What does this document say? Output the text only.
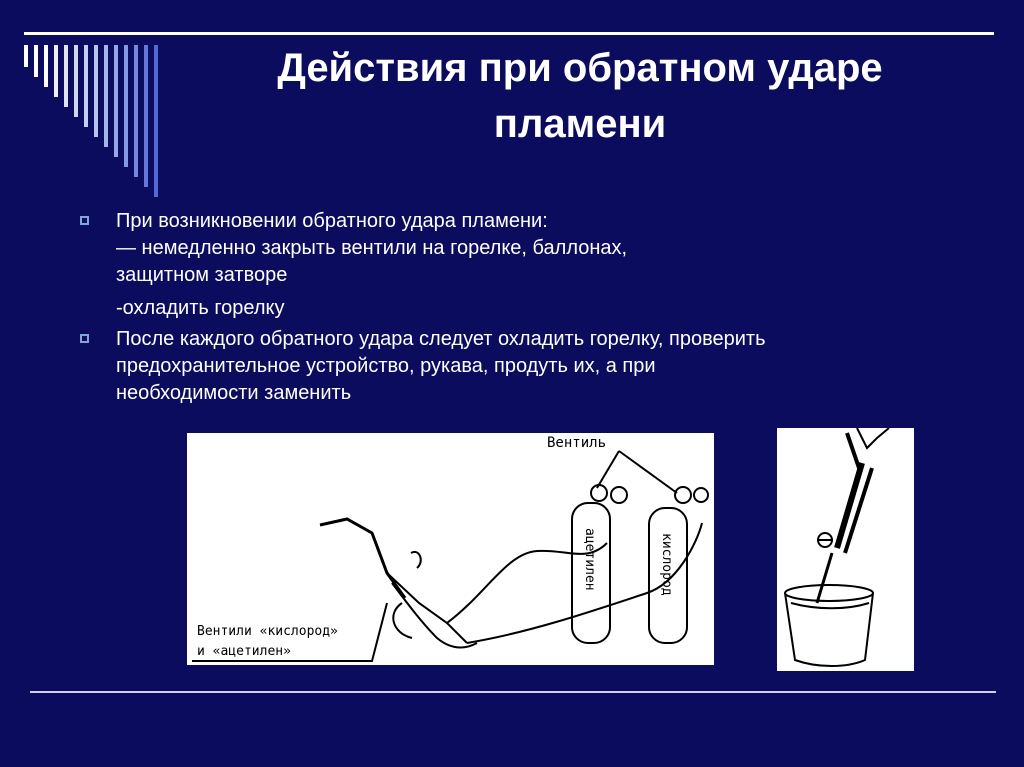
Действия при обратном ударе
пламени
При возникновении обратного удара пламени:
— немедленно закрыть вентили на горелке, баллонах,
защитном затворе
-охладить горелку
После каждого обратного удара следует охладить горелку, проверить
предохранительное устройство, рукава, продуть их, а при
необходимости заменить
Вентиль
Вентили «кислород»
и «ацетилен»
ацетилен	кислород
